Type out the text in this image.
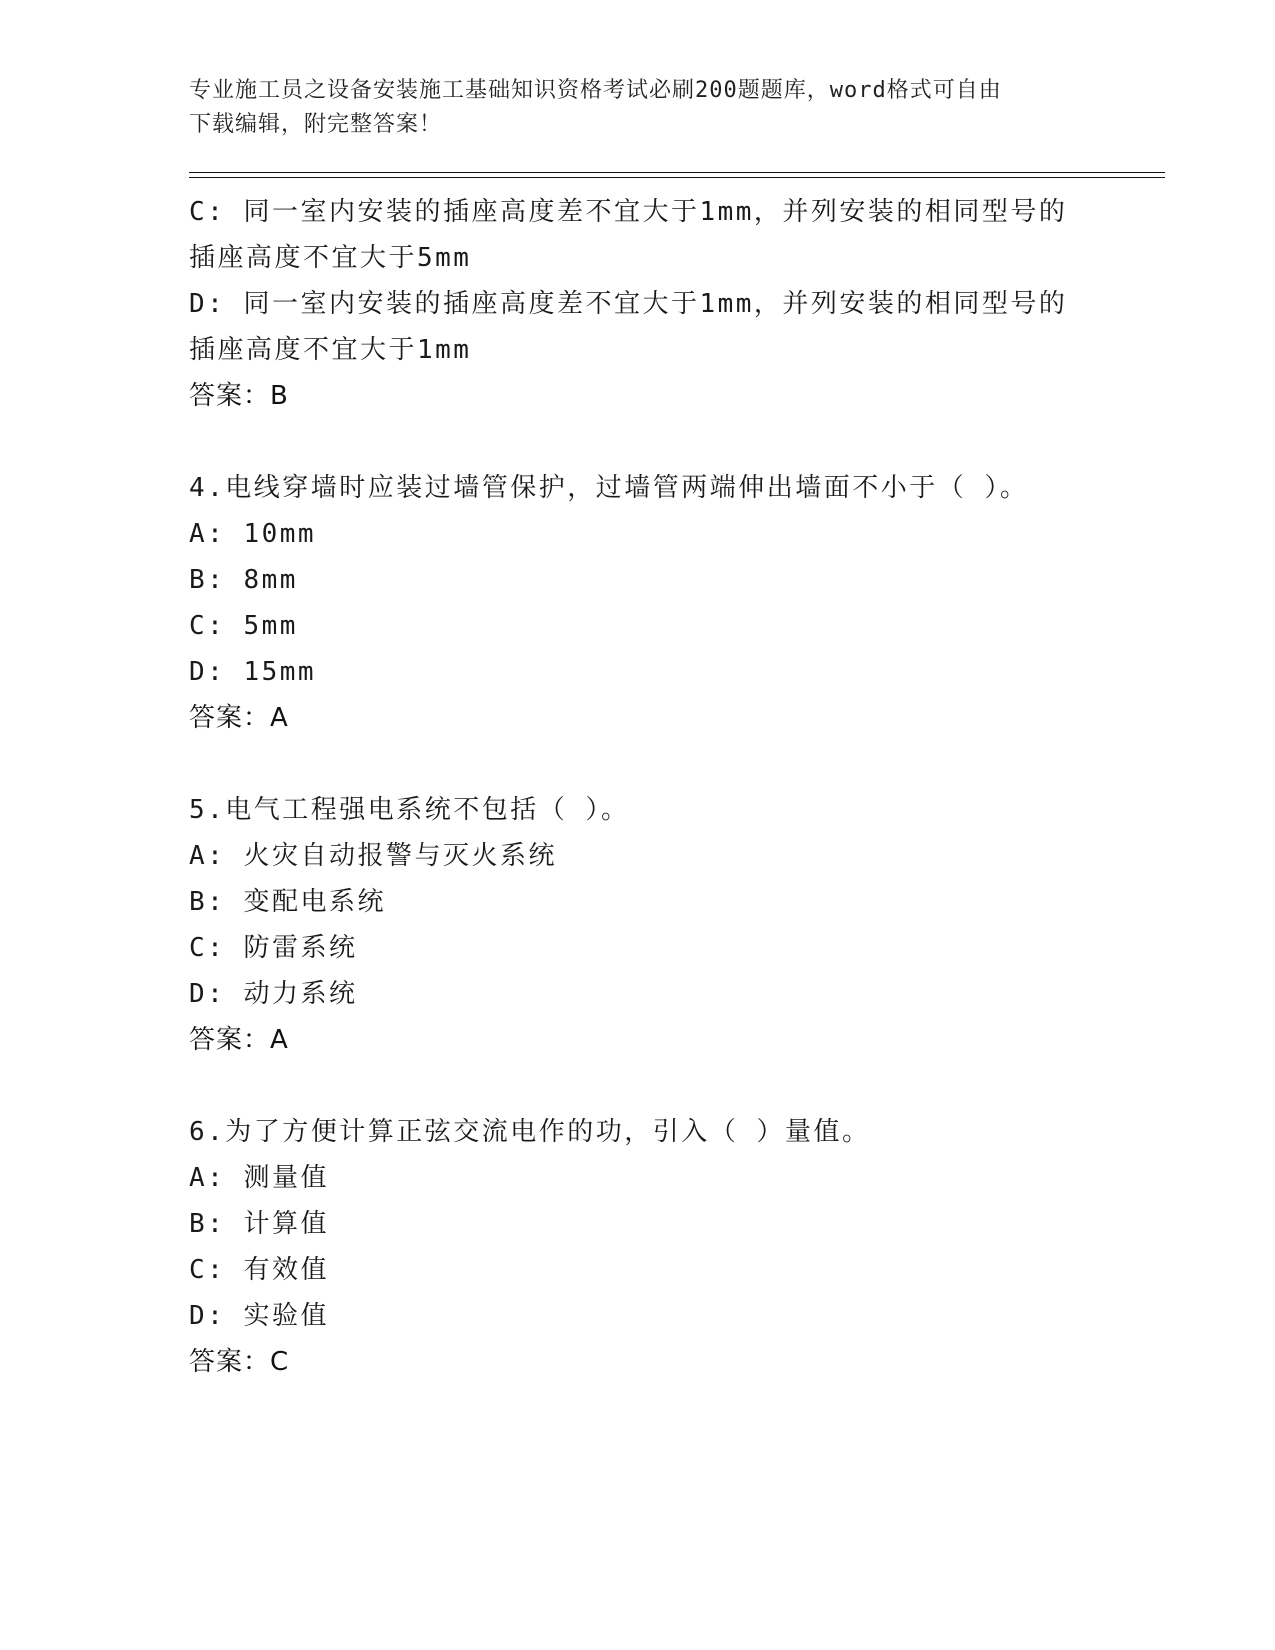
专业施工员之设备安装施工基础知识资格考试必刷200题题库，word格式可自由
下载编辑，附完整答案！
C: 同一室内安装的插座高度差不宜大于1mm，并列安装的相同型号的
插座高度不宜大于5mm
D: 同一室内安装的插座高度差不宜大于1mm，并列安装的相同型号的
插座高度不宜大于1mm
答案：B
4.电线穿墙时应装过墙管保护，过墙管两端伸出墙面不小于（ ）。
A: 10mm
B: 8mm
C: 5mm
D: 15mm
答案：A
5.电气工程强电系统不包括（ ）。
A: 火灾自动报警与灭火系统
B: 变配电系统
C: 防雷系统
D: 动力系统
答案：A
6.为了方便计算正弦交流电作的功，引入（ ）量值。
A: 测量值
B: 计算值
C: 有效值
D: 实验值
答案：C
